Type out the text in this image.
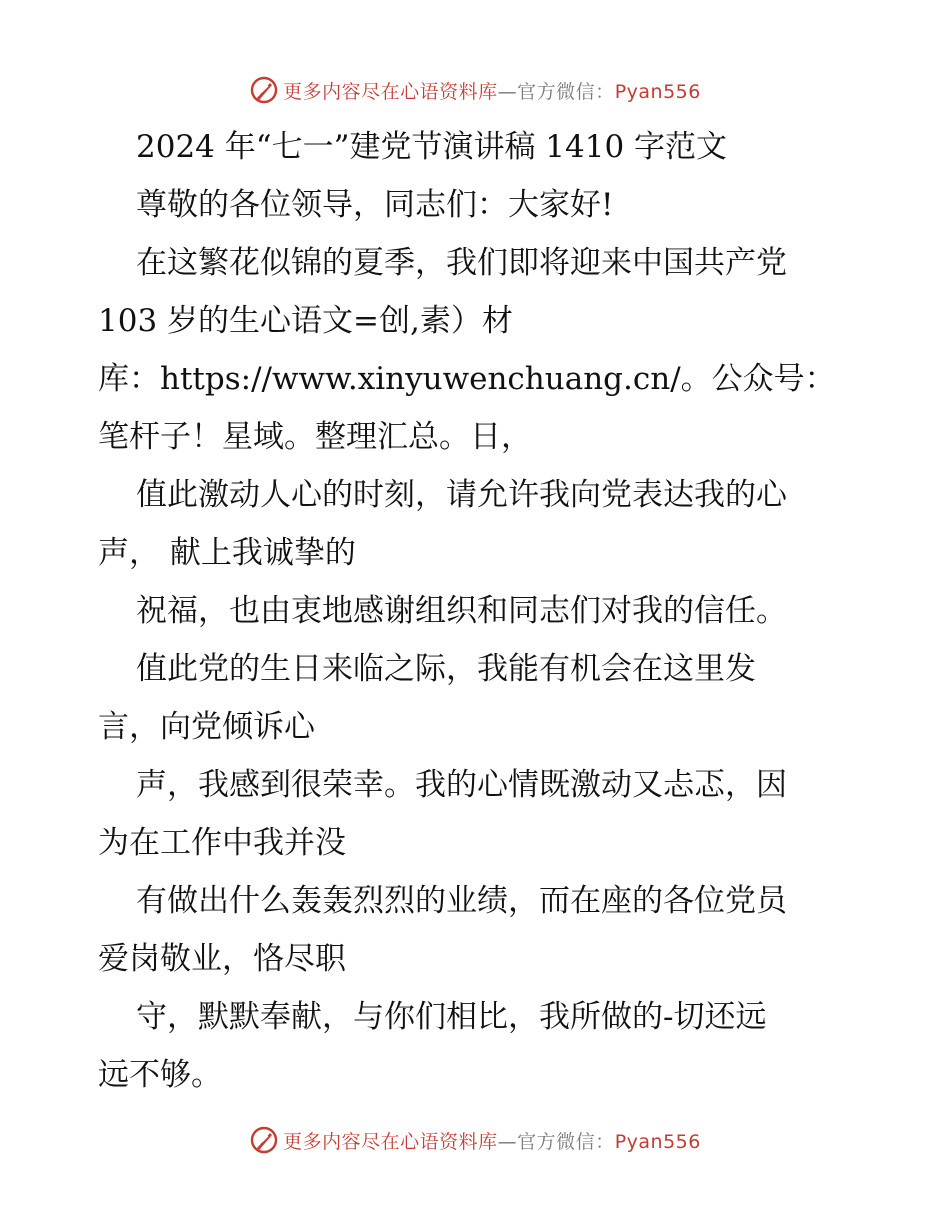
更多内容尽在心语资料库—官方微信：Pyan556
2024 年“七一”建党节演讲稿 1410 字范文
尊敬的各位领导，同志们：大家好!
在这繁花似锦的夏季，我们即将迎来中国共产党
103 岁的生心语文=创,素）材
库：https://www.xinyuwenchuang.cn/。公众号：
笔杆子！星域。整理汇总。日，
值此激动人心的时刻，请允许我向党表达我的心
声， 献上我诚挚的
祝福，也由衷地感谢组织和同志们对我的信任。
值此党的生日来临之际，我能有机会在这里发
言，向党倾诉心
声，我感到很荣幸。我的心情既激动又忐忑，因
为在工作中我并没
有做出什么轰轰烈烈的业绩，而在座的各位党员
爱岗敬业，恪尽职
守，默默奉献，与你们相比，我所做的-切还远
远不够。
更多内容尽在心语资料库—官方微信：Pyan556
